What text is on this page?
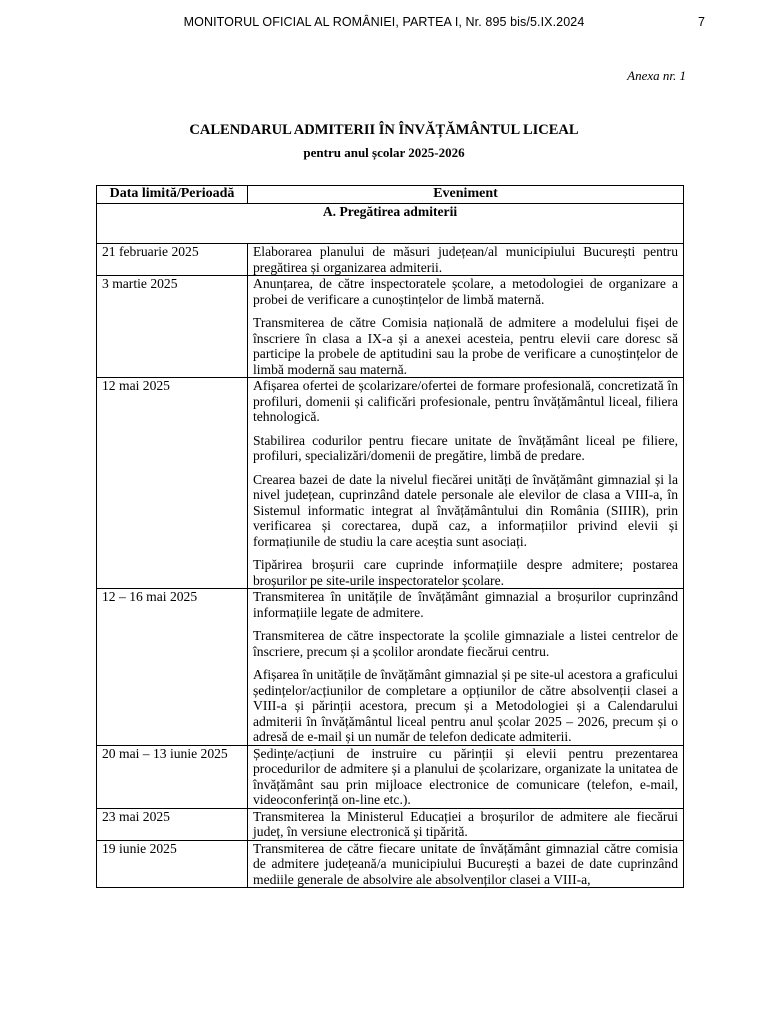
MONITORUL OFICIAL AL ROMÂNIEI, PARTEA I, Nr. 895 bis/5.IX.2024	7
Anexa nr. 1
CALENDARUL ADMITERII ÎN ÎNVĂȚĂMÂNTUL LICEAL
pentru anul școlar 2025-2026
Data limită/Perioadă	Eveniment
A. Pregătirea admiterii	
21 februarie 2025	Elaborarea planului de măsuri județean/al municipiului București pentru pregătirea și organizarea admiterii.

3 martie 2025	Anunțarea, de către inspectoratele școlare, a metodologiei de organizare a probei de verificare a cunoștințelor de limbă maternă.
Transmiterea de către Comisia națională de admitere a modelului fișei de înscriere în clasa a IX-a și a anexei acesteia, pentru elevii care doresc să participe la probele de aptitudini sau la probe de verificare a cunoștințelor de limbă modernă sau maternă.

12 mai 2025	Afișarea ofertei de școlarizare/ofertei de formare profesională, concretizată în profiluri, domenii și calificări profesionale, pentru învățământul liceal, filiera tehnologică.
Stabilirea codurilor pentru fiecare unitate de învățământ liceal pe filiere, profiluri, specializări/domenii de pregătire, limbă de predare.
Crearea bazei de date la nivelul fiecărei unități de învățământ gimnazial și la nivel județean, cuprinzând datele personale ale elevilor de clasa a VIII-a, în Sistemul informatic integrat al învățământului din România (SIIIR), prin verificarea și corectarea, după caz, a informațiilor privind elevii și formațiunile de studiu la care aceștia sunt asociați.
Tipărirea broșurii care cuprinde informațiile despre admitere; postarea broșurilor pe site-urile inspectoratelor școlare.

12 – 16 mai 2025	Transmiterea în unitățile de învățământ gimnazial a broșurilor cuprinzând informațiile legate de admitere.
Transmiterea de către inspectorate la școlile gimnaziale a listei centrelor de înscriere, precum și a școlilor arondate fiecărui centru.
Afișarea în unitățile de învățământ gimnazial și pe site-ul acestora a graficului ședințelor/acțiunilor de completare a opțiunilor de către absolvenții clasei a VIII-a și părinții acestora, precum și a Metodologiei și a Calendarului admiterii în învățământul liceal pentru anul școlar 2025 – 2026, precum și o adresă de e-mail și un număr de telefon dedicate admiterii.

20 mai – 13 iunie 2025	Ședințe/acțiuni de instruire cu părinții și elevii pentru prezentarea procedurilor de admitere și a planului de școlarizare, organizate la unitatea de învățământ sau prin mijloace electronice de comunicare (telefon, e-mail, videoconferință on-line etc.).

23 mai 2025	Transmiterea la Ministerul Educației a broșurilor de admitere ale fiecărui județ, în versiune electronică și tipărită.

19 iunie 2025	Transmiterea de către fiecare unitate de învățământ gimnazial către comisia de admitere județeană/a municipiului București a bazei de date cuprinzând mediile generale de absolvire ale absolvenților clasei a VIII-a,
